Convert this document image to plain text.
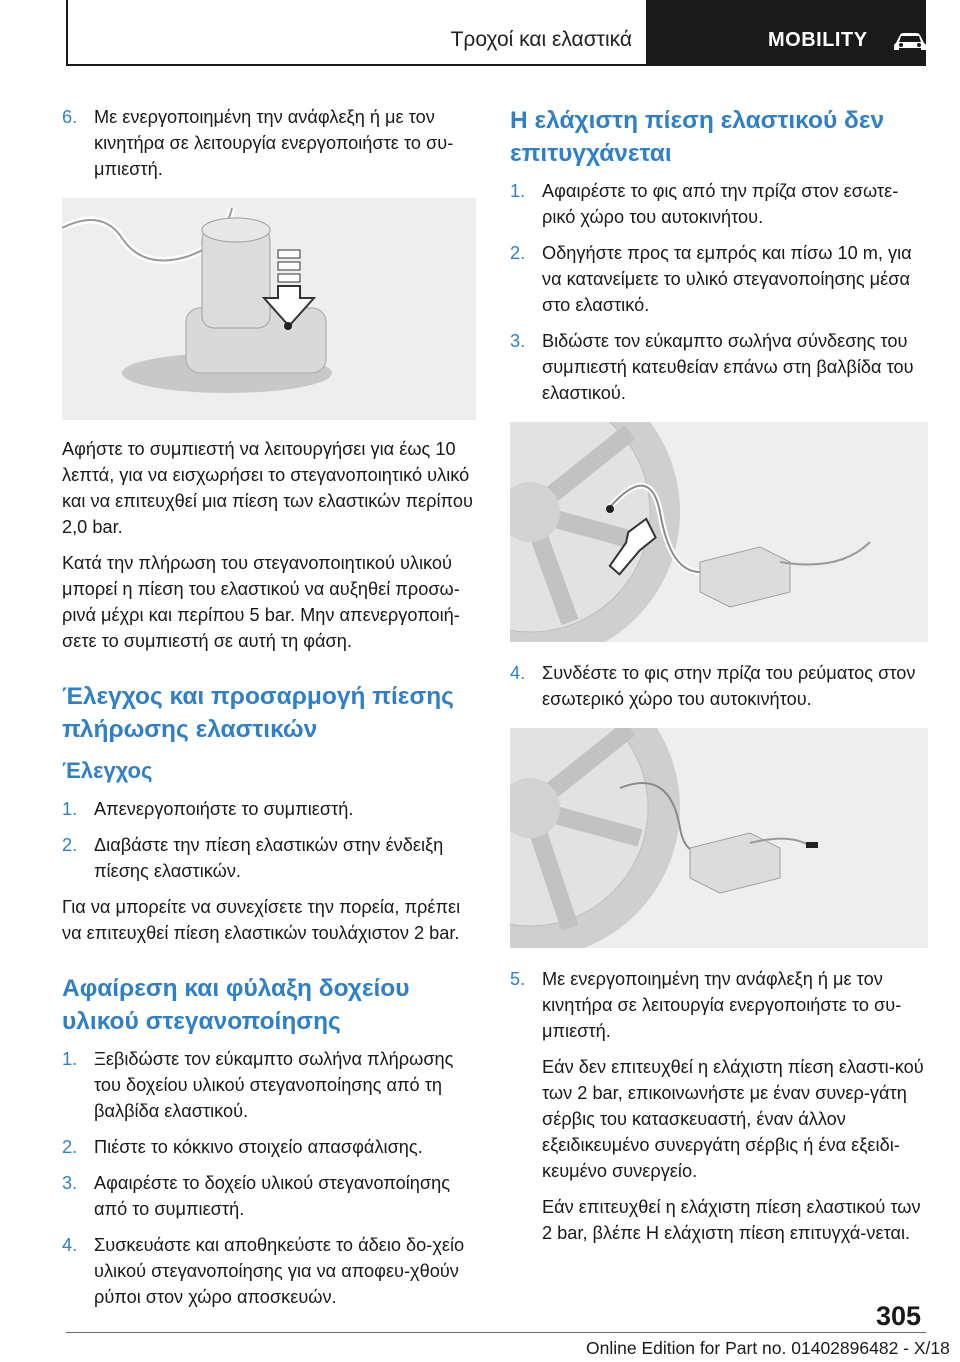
Τροχοί και ελαστικά	MOBILITY
6. Με ενεργοποιημένη την ανάφλεξη ή με τον κινητήρα σε λειτουργία ενεργοποιήστε το συ-μπιεστή.

Αφήστε το συμπιεστή να λειτουργήσει για έως 10 λεπτά, για να εισχωρήσει το στεγανοποιητικό υλικό και να επιτευχθεί μια πίεση των ελαστικών περίπου 2,0 bar.

Κατά την πλήρωση του στεγανοποιητικού υλικού μπορεί η πίεση του ελαστικού να αυξηθεί προσω-ρινά μέχρι και περίπου 5 bar. Μην απενεργοποιή-σετε το συμπιεστή σε αυτή τη φάση.

Έλεγχος και προσαρμογή πίεσης πλήρωσης ελαστικών
Έλεγχος
1. Απενεργοποιήστε το συμπιεστή.
2. Διαβάστε την πίεση ελαστικών στην ένδειξη πίεσης ελαστικών.

Για να μπορείτε να συνεχίσετε την πορεία, πρέπει να επιτευχθεί πίεση ελαστικών τουλάχιστον 2 bar.

Αφαίρεση και φύλαξη δοχείου υλικού στεγανοποίησης
1. Ξεβιδώστε τον εύκαμπτο σωλήνα πλήρωσης του δοχείου υλικού στεγανοποίησης από τη βαλβίδα ελαστικού.
2. Πιέστε το κόκκινο στοιχείο απασφάλισης.
3. Αφαιρέστε το δοχείο υλικού στεγανοποίησης από το συμπιεστή.
4. Συσκευάστε και αποθηκεύστε το άδειο δο-χείο υλικού στεγανοποίησης για να αποφευ-χθούν ρύποι στον χώρο αποσκευών.
Η ελάχιστη πίεση ελαστικού δεν επιτυγχάνεται
1. Αφαιρέστε το φις από την πρίζα στον εσωτε-ρικό χώρο του αυτοκινήτου.
2. Οδηγήστε προς τα εμπρός και πίσω 10 m, για να κατανείμετε το υλικό στεγανοποίησης μέσα στο ελαστικό.
3. Βιδώστε τον εύκαμπτο σωλήνα σύνδεσης του συμπιεστή κατευθείαν επάνω στη βαλβίδα του ελαστικού.
4. Συνδέστε το φις στην πρίζα του ρεύματος στον εσωτερικό χώρο του αυτοκινήτου.
5. Με ενεργοποιημένη την ανάφλεξη ή με τον κινητήρα σε λειτουργία ενεργοποιήστε το συ-μπιεστή.

Εάν δεν επιτευχθεί η ελάχιστη πίεση ελαστι-κού των 2 bar, επικοινωνήστε με έναν συνερ-γάτη σέρβις του κατασκευαστή, έναν άλλον εξειδικευμένο συνεργάτη σέρβις ή ένα εξειδι-κευμένο συνεργείο.

Εάν επιτευχθεί η ελάχιστη πίεση ελαστικού των 2 bar, βλέπε Η ελάχιστη πίεση επιτυγχά-νεται.

305
Online Edition for Part no. 01402896482 - X/18
